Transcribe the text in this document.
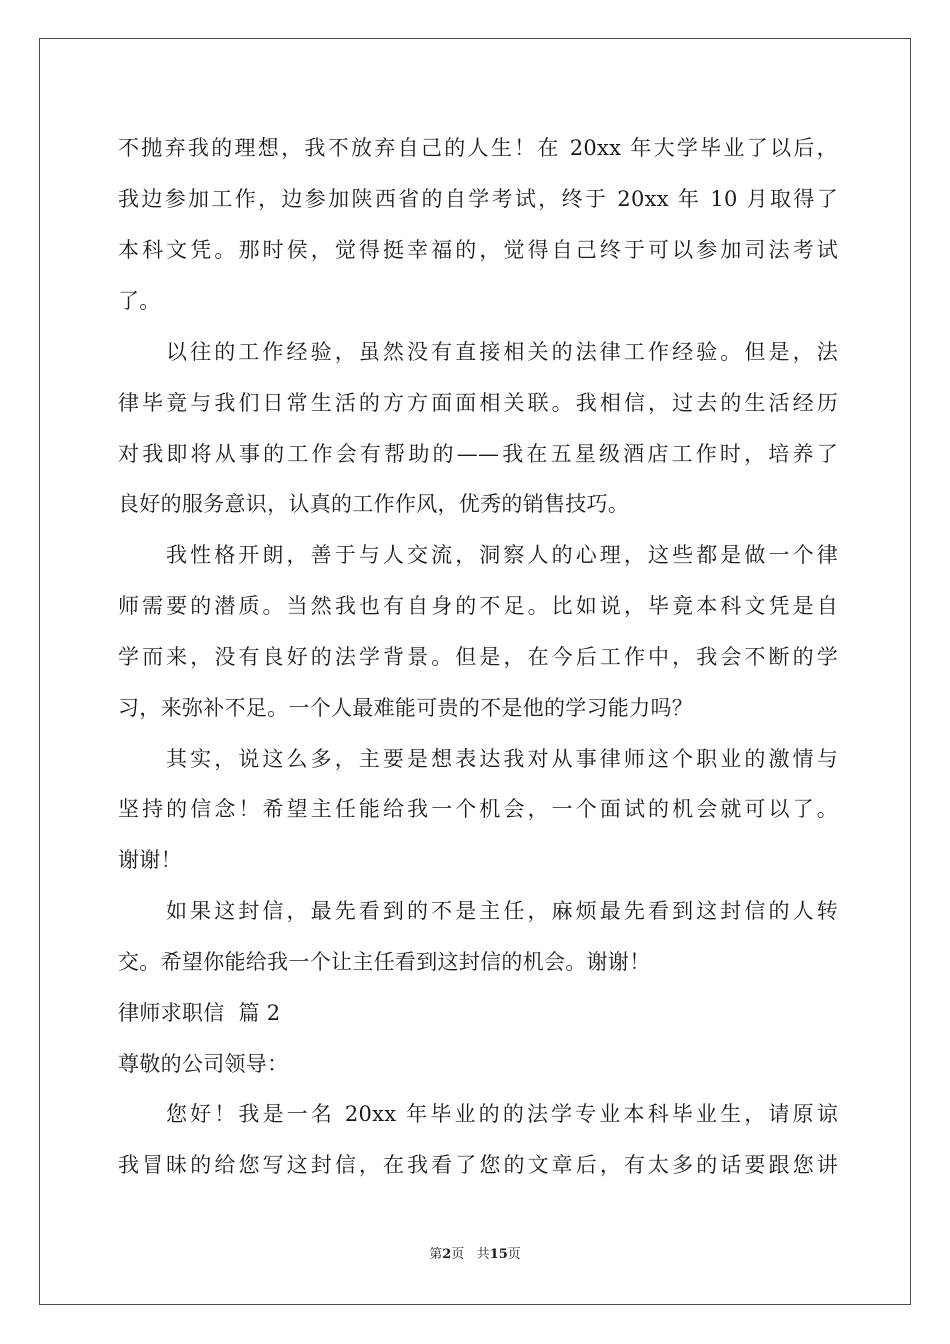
不抛弃我的理想，我不放弃自己的人生！在 20xx 年大学毕业了以后，
我边参加工作，边参加陕西省的自学考试，终于 20xx 年 10 月取得了
本科文凭。那时侯，觉得挺幸福的，觉得自己终于可以参加司法考试
了。
以往的工作经验，虽然没有直接相关的法律工作经验。但是，法
律毕竟与我们日常生活的方方面面相关联。我相信，过去的生活经历
对我即将从事的工作会有帮助的——我在五星级酒店工作时，培养了
良好的服务意识，认真的工作作风，优秀的销售技巧。
我性格开朗，善于与人交流，洞察人的心理，这些都是做一个律
师需要的潜质。当然我也有自身的不足。比如说，毕竟本科文凭是自
学而来，没有良好的法学背景。但是，在今后工作中，我会不断的学
习，来弥补不足。一个人最难能可贵的不是他的学习能力吗？
其实，说这么多，主要是想表达我对从事律师这个职业的激情与
坚持的信念！希望主任能给我一个机会，一个面试的机会就可以了。
谢谢！
如果这封信，最先看到的不是主任，麻烦最先看到这封信的人转
交。希望你能给我一个让主任看到这封信的机会。谢谢！
律师求职信  篇 2
尊敬的公司领导：
您好！我是一名 20xx 年毕业的的法学专业本科毕业生，请原谅
我冒昧的给您写这封信，在我看了您的文章后，有太多的话要跟您讲
第2页 共15页
